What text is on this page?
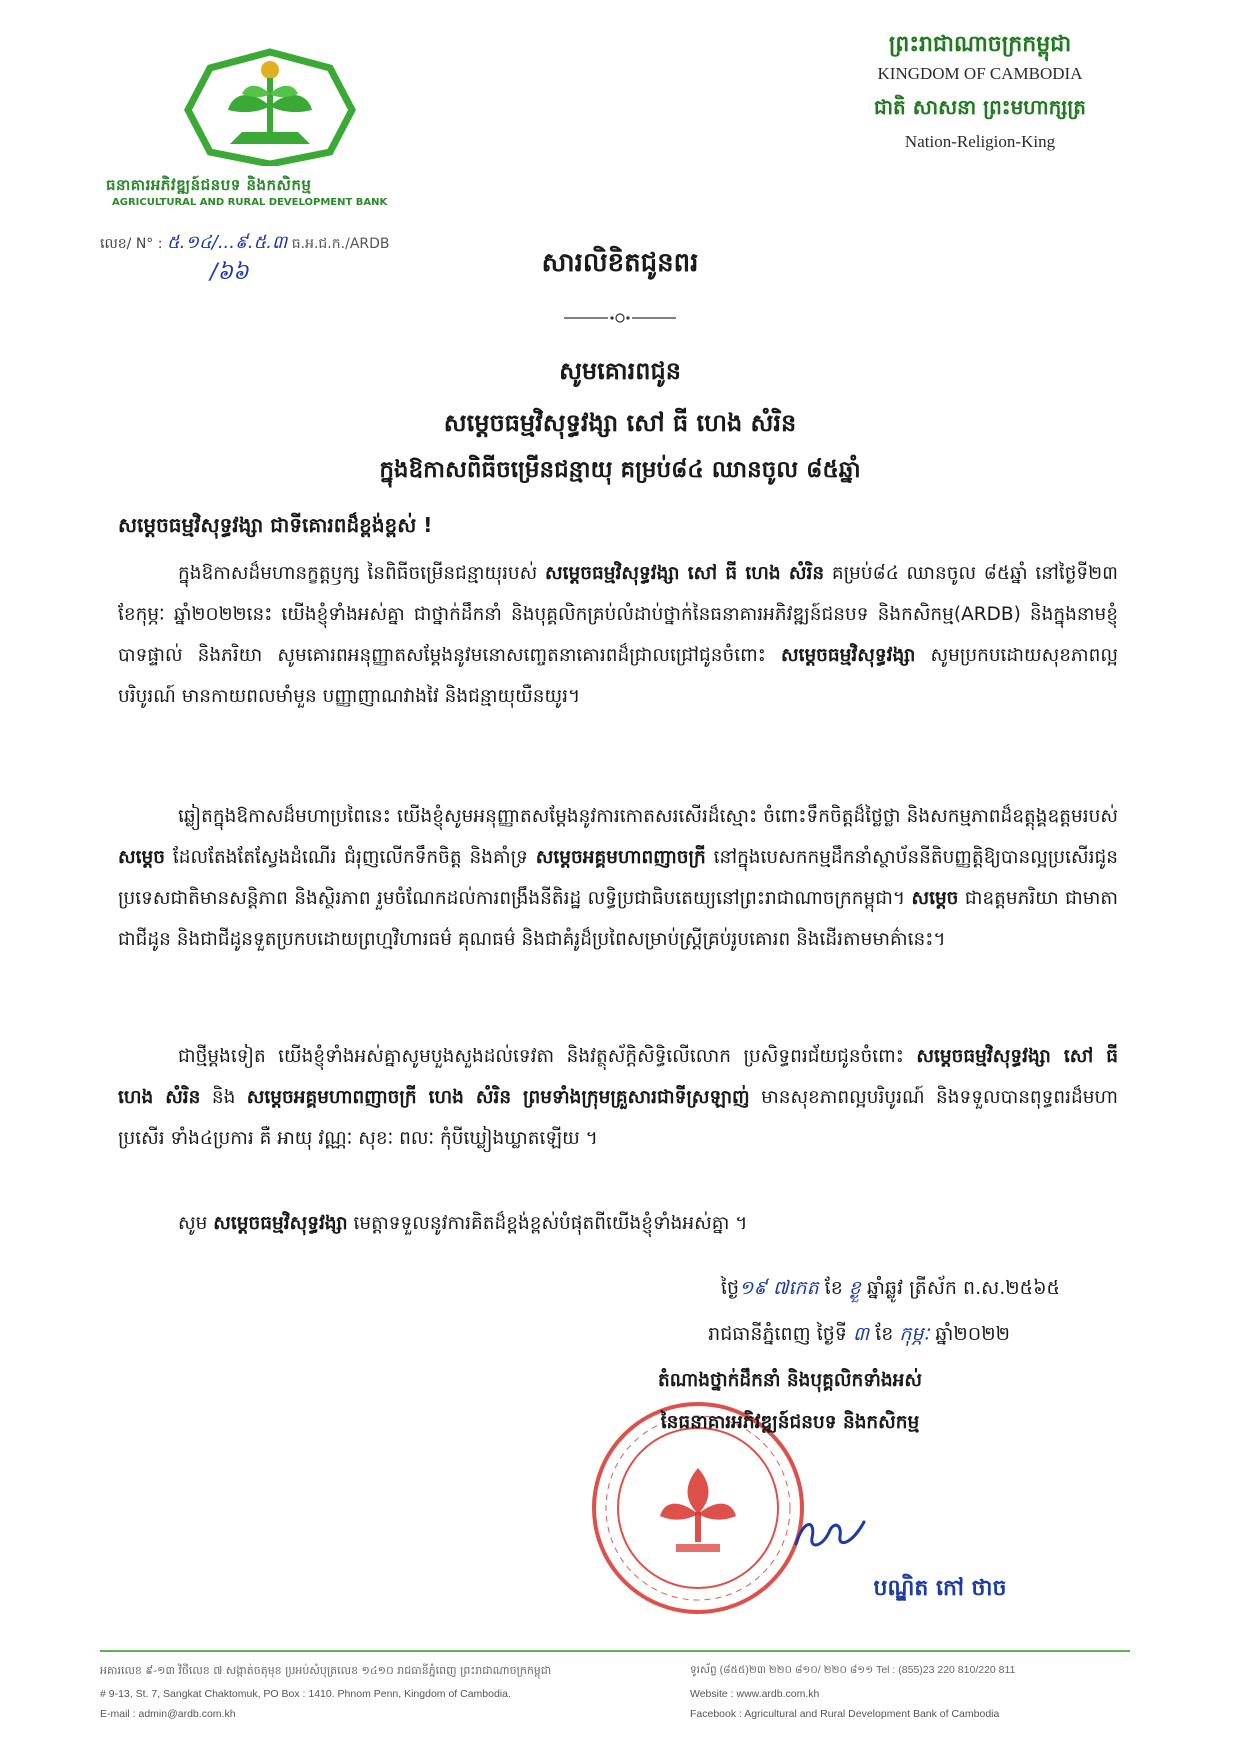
ធនាគារអភិវឌ្ឍន៍ជនបទ និងកសិកម្ម
AGRICULTURAL AND RURAL DEVELOPMENT BANK
លេខ/ N° : ៥.១៤/...៩.៥.៣ ធ.អ.ជ.ក./ARDB
/៦៦
ព្រះរាជាណាចក្រកម្ពុជា
KINGDOM OF CAMBODIA
ជាតិ សាសនា ព្រះមហាក្សត្រ
Nation-Religion-King
សារលិខិតជូនពរ
សូមគោរពជូន
សម្តេចធម្មវិសុទ្ធវង្សា សៅ ធី ហេង សំរិន
ក្នុងឱកាសពិធីចម្រើនជន្មាយុ គម្រប់៨៤ ឈានចូល ៨៥ឆ្នាំ
សម្តេចធម្មវិសុទ្ធវង្សា ជាទីគោរពដ៏ខ្ពង់ខ្ពស់ !

ក្នុងឱកាសដ៏មហានក្ខត្តឫក្ស នៃពិធីចម្រើនជន្មាយុរបស់ សម្តេចធម្មវិសុទ្ធវង្សា សៅ ធី ហេង សំរិន គម្រប់៨៤ ឈានចូល ៨៥ឆ្នាំ នៅថ្ងៃទី២៣ ខែកុម្ភៈ ឆ្នាំ២០២២នេះ យើងខ្ញុំទាំងអស់គ្នា ជាថ្នាក់ដឹកនាំ និងបុគ្គលិកគ្រប់លំដាប់ថ្នាក់នៃធនាគារអភិវឌ្ឍន៍ជនបទ និងកសិកម្ម(ARDB) និងក្នុងនាមខ្ញុំបាទផ្ទាល់ និងភរិយា សូមគោរពអនុញ្ញាតសម្តែងនូវមនោសញ្ចេតនាគោរពដ៏ជ្រាលជ្រៅជូនចំពោះ សម្តេចធម្មវិសុទ្ធវង្សា សូមប្រកបដោយសុខភាពល្អបរិបូរណ៍ មានកាយពលមាំមួន បញ្ញាញាណវាងវៃ និងជន្មាយុយឺនយូរ។

ឆ្លៀតក្នុងឱកាសដ៏មហាប្រពៃនេះ យើងខ្ញុំសូមអនុញ្ញាតសម្តែងនូវការកោតសរសើរដ៏ស្មោះ ចំពោះទឹកចិត្តដ៏ថ្លៃថ្លា និងសកម្មភាពដ៏ឧត្តុង្គឧត្តមរបស់ សម្តេច ដែលតែងតែស្វែងដំណើរ ជំរុញលើកទឹកចិត្ត និងគាំទ្រ សម្តេចអគ្គមហាពញាចក្រី នៅក្នុងបេសកកម្មដឹកនាំស្ថាប័ននីតិបញ្ញត្តិឱ្យបានល្អប្រសើរជូនប្រទេសជាតិមានសន្តិភាព និងស្ថិរភាព រួមចំណែកដល់ការពង្រឹងនីតិរដ្ឋ លទ្ធិប្រជាធិបតេយ្យនៅព្រះរាជាណាចក្រកម្ពុជា។ សម្តេច ជាឧត្តមភរិយា ជាមាតា ជាជីដូន និងជាជីដូនទួតប្រកបដោយព្រហ្មវិហារធម៌ គុណធម៌ និងជាគំរូដ៏ប្រពៃសម្រាប់ស្ត្រីគ្រប់រូបគោរព និងដើរតាមមាគ៌ានេះ។

ជាថ្មីម្តងទៀត យើងខ្ញុំទាំងអស់គ្នាសូមបួងសួងដល់ទេវតា និងវត្ថុស័ក្តិសិទ្ធិលើលោក ប្រសិទ្ធពរជ័យជូនចំពោះ សម្តេចធម្មវិសុទ្ធវង្សា សៅ ធី ហេង សំរិន និង សម្តេចអគ្គមហាពញាចក្រី ហេង សំរិន ព្រមទាំងក្រុមគ្រួសារជាទីស្រឡាញ់ មានសុខភាពល្អបរិបូរណ៍ និងទទួលបានពុទ្ធពរដ៏មហាប្រសើរ ទាំង៤ប្រការ គឺ អាយុ វណ្ណៈ សុខៈ ពលៈ កុំបីឃ្លៀងឃ្លាតឡើយ ។

សូម សម្តេចធម្មវិសុទ្ធវង្សា មេត្តាទទួលនូវការគិតដ៏ខ្ពង់ខ្ពស់បំផុតពីយើងខ្ញុំទាំងអស់គ្នា ។

ថ្ងៃ១៩ ៧កេត ខែ ខ្ងួ ឆ្នាំឆ្លូវ ត្រីស័ក ព.ស.២៥៦៥
រាជធានីភ្នំពេញ ថ្ងៃទី ៣ ខែ កុម្ភៈ ឆ្នាំ២០២២
តំណាងថ្នាក់ដឹកនាំ និងបុគ្គលិកទាំងអស់
នៃធនាគារអភិវឌ្ឍន៍ជនបទ និងកសិកម្ម
បណ្ឌិត កៅ ថាច
អគារលេខ ៩-១៣ វិថីលេខ ៧ សង្កាត់ចតុមុខ ប្រអប់សំបុត្រលេខ ១៤១០ រាជធានីភ្នំពេញ ព្រះរាជាណាចក្រកម្ពុជា
# 9-13, St. 7, Sangkat Chaktomuk, PO Box : 1410. Phnom Penn, Kingdom of Cambodia.
E-mail : admin@ardb.com.kh
ទូរស័ព្ទ (៨៥៥)២៣ ២២០ ៨១០/ ២២០ ៨១១ Tel : (855)23 220 810/220 811
Website : www.ardb.com.kh
Facebook : Agricultural and Rural Development Bank of Cambodia
